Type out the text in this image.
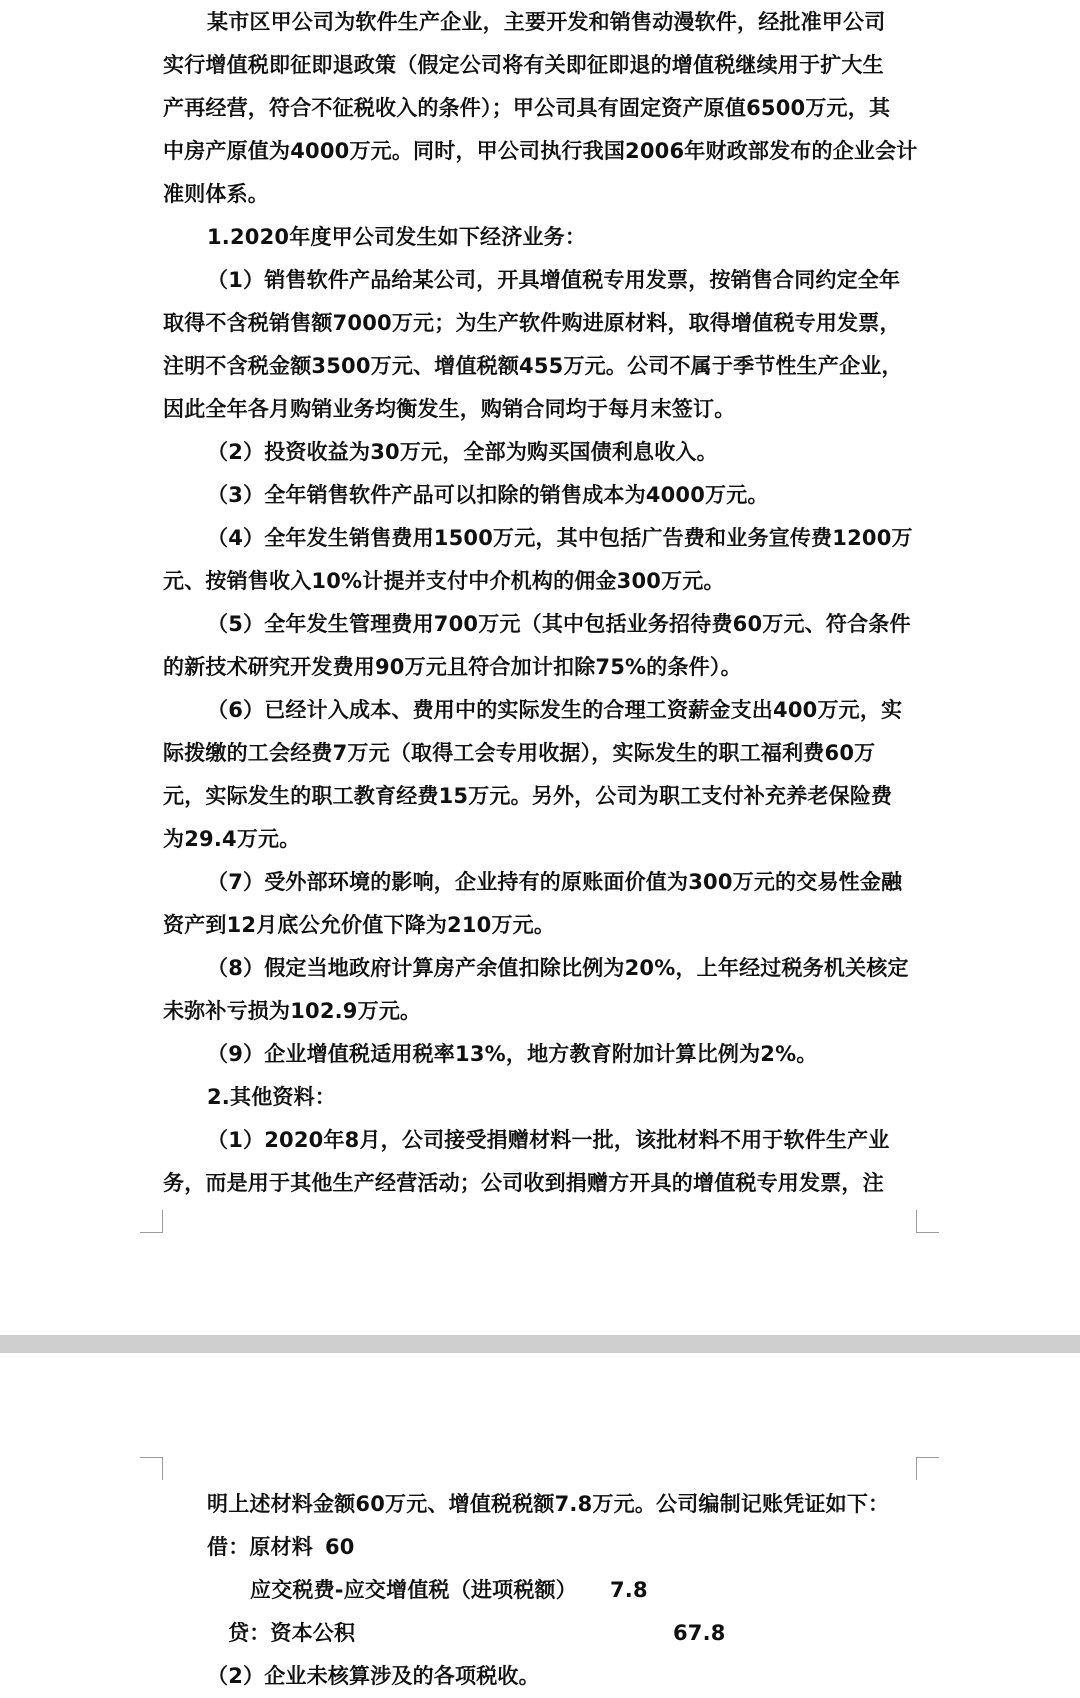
某市区甲公司为软件生产企业，主要开发和销售动漫软件，经批准甲公司
实行增值税即征即退政策（假定公司将有关即征即退的增值税继续用于扩大生
产再经营，符合不征税收入的条件）；甲公司具有固定资产原值6500万元，其
中房产原值为4000万元。同时，甲公司执行我国2006年财政部发布的企业会计
准则体系。
1.2020年度甲公司发生如下经济业务：
（1）销售软件产品给某公司，开具增值税专用发票，按销售合同约定全年
取得不含税销售额7000万元；为生产软件购进原材料，取得增值税专用发票，
注明不含税金额3500万元、增值税额455万元。公司不属于季节性生产企业，
因此全年各月购销业务均衡发生，购销合同均于每月末签订。
（2）投资收益为30万元，全部为购买国债利息收入。
（3）全年销售软件产品可以扣除的销售成本为4000万元。
（4）全年发生销售费用1500万元，其中包括广告费和业务宣传费1200万
元、按销售收入10%计提并支付中介机构的佣金300万元。
（5）全年发生管理费用700万元（其中包括业务招待费60万元、符合条件
的新技术研究开发费用90万元且符合加计扣除75%的条件）。
（6）已经计入成本、费用中的实际发生的合理工资薪金支出400万元，实
际拨缴的工会经费7万元（取得工会专用收据），实际发生的职工福利费60万
元，实际发生的职工教育经费15万元。另外，公司为职工支付补充养老保险费
为29.4万元。
（7）受外部环境的影响，企业持有的原账面价值为300万元的交易性金融
资产到12月底公允价值下降为210万元。
（8）假定当地政府计算房产余值扣除比例为20%，上年经过税务机关核定
未弥补亏损为102.9万元。
（9）企业增值税适用税率13%，地方教育附加计算比例为2%。
2.其他资料：
（1）2020年8月，公司接受捐赠材料一批，该批材料不用于软件生产业
务，而是用于其他生产经营活动；公司收到捐赠方开具的增值税专用发票，注
明上述材料金额60万元、增值税税额7.8万元。公司编制记账凭证如下：
借：原材料 60
应交税费-应交增值税（进项税额） 7.8
贷：资本公积	67.8
（2）企业未核算涉及的各项税收。
